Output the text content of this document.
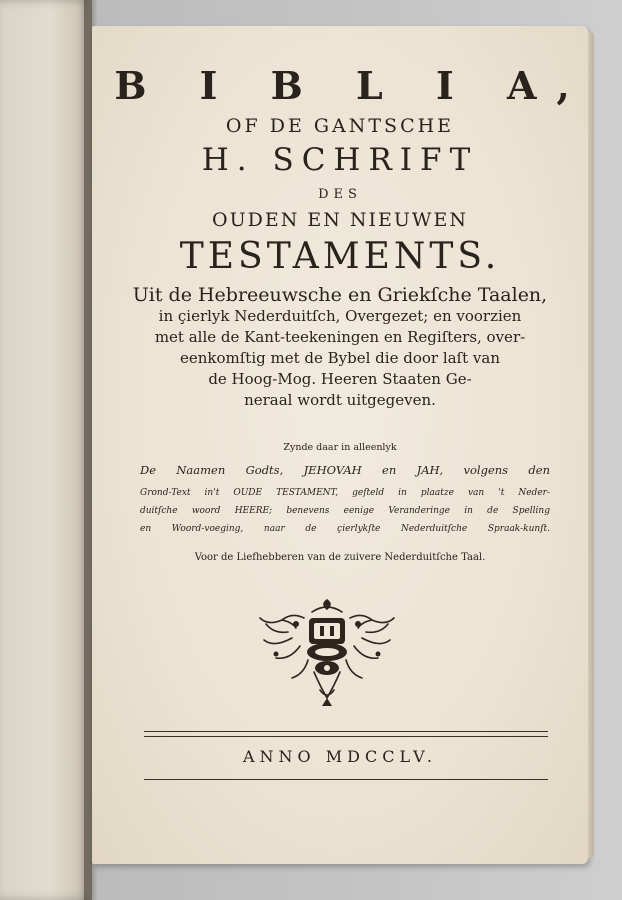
B I B L I A,
OF DE GANTSCHE
H. SCHRIFT
DES
OUDEN EN NIEUWEN
TESTAMENTS.
Uit de Hebreeuwsche en Griekſche Taalen,
in çierlyk Nederduitſch, Overgezet; en voorzien
met alle de Kant-teekeningen en Regiſters, over-
eenkomſtig met de Bybel die door laſt van
de Hoog-Mog. Heeren Staaten Ge-
neraal wordt uitgegeven.
Zynde daar in alleenlyk
De Naamen Godts, JEHOVAH en JAH, volgens den
Grond-Text in't OUDE TESTAMENT, geſteld in plaatze van 't Neder-
duitſche woord HEERE; benevens eenige Veranderinge in de Spelling
en Woord-voeging, naar de çierlykſte Nederduitſche Spraak-kunſt.
Voor de Liefhebberen van de zuivere Nederduitſche Taal.
ANNO MDCCLV.
